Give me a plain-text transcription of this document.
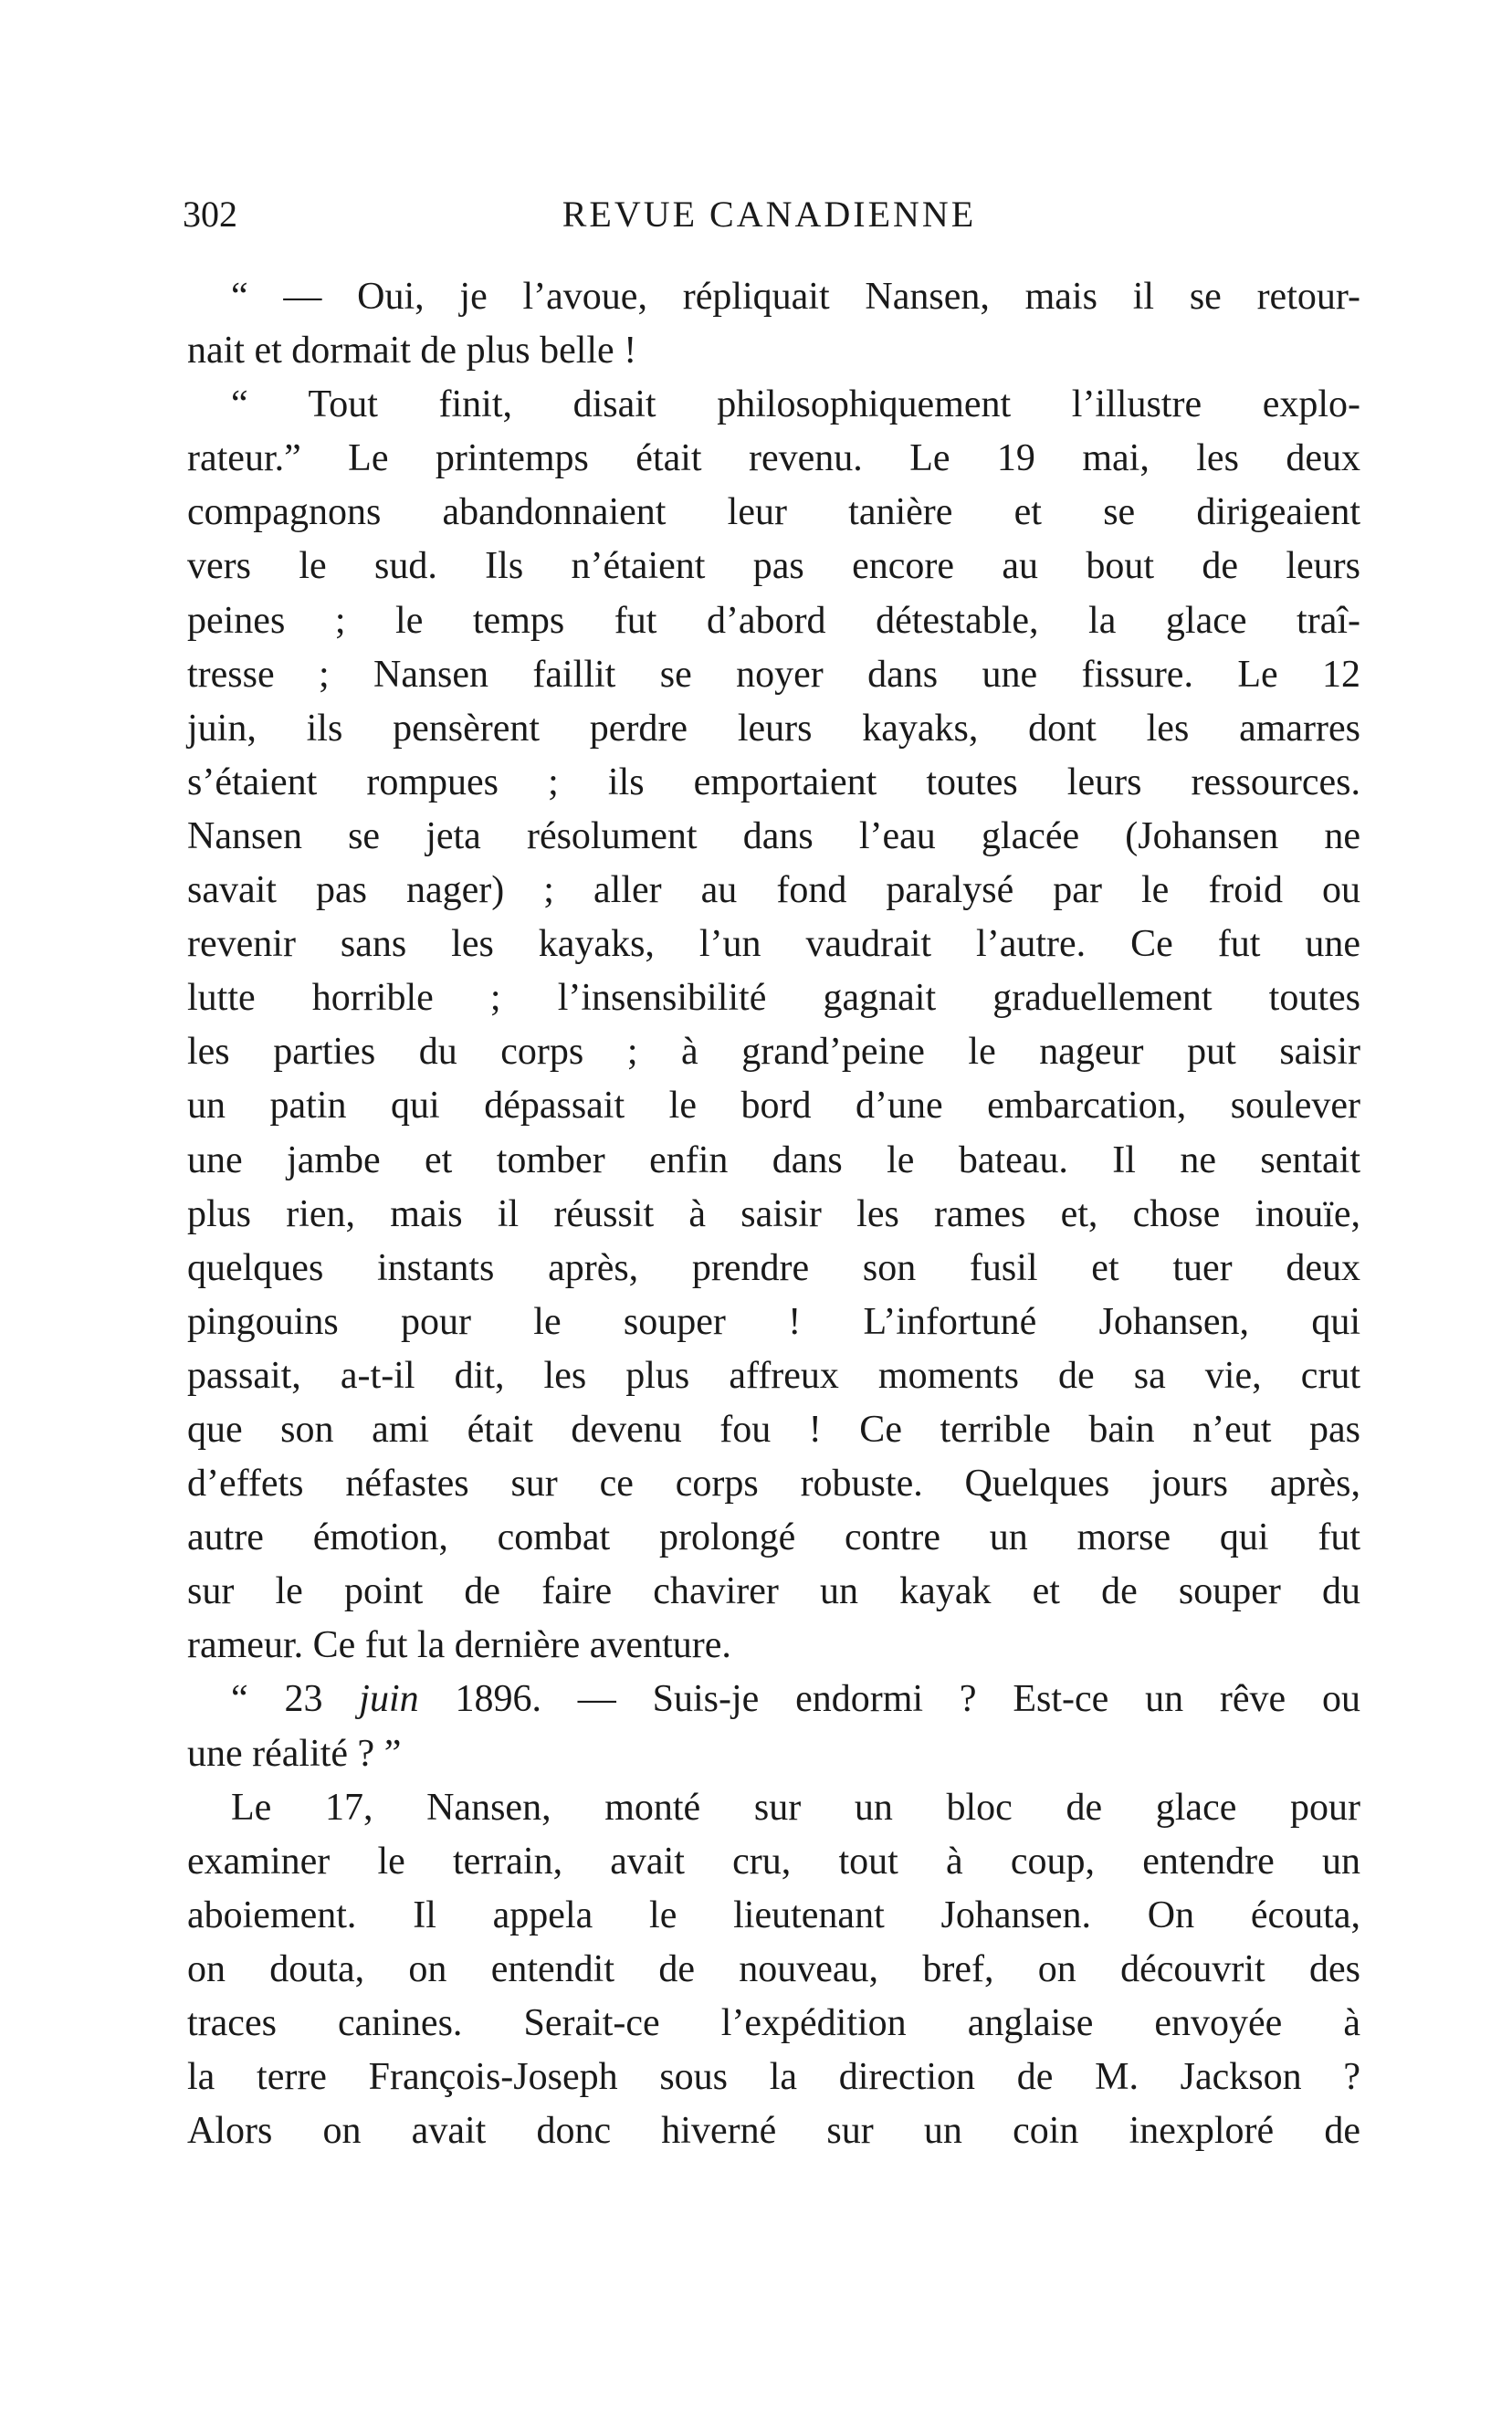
302	REVUE CANADIENNE
“ — Oui, je l’avoue, répliquait Nansen, mais il se retour-
nait et dormait de plus belle !
“ Tout finit, disait philosophiquement l’illustre explo-
rateur.” Le printemps était revenu. Le 19 mai, les deux
compagnons abandonnaient leur tanière et se dirigeaient
vers le sud. Ils n’étaient pas encore au bout de leurs
peines ; le temps fut d’abord détestable, la glace traî-
tresse ; Nansen faillit se noyer dans une fissure. Le 12
juin, ils pensèrent perdre leurs kayaks, dont les amarres
s’étaient rompues ; ils emportaient toutes leurs ressources.
Nansen se jeta résolument dans l’eau glacée (Johansen ne
savait pas nager) ; aller au fond paralysé par le froid ou
revenir sans les kayaks, l’un vaudrait l’autre. Ce fut une
lutte horrible ; l’insensibilité gagnait graduellement toutes
les parties du corps ; à grand’peine le nageur put saisir
un patin qui dépassait le bord d’une embarcation, soulever
une jambe et tomber enfin dans le bateau. Il ne sentait
plus rien, mais il réussit à saisir les rames et, chose inouïe,
quelques instants après, prendre son fusil et tuer deux
pingouins pour le souper ! L’infortuné Johansen, qui
passait, a-t-il dit, les plus affreux moments de sa vie, crut
que son ami était devenu fou ! Ce terrible bain n’eut pas
d’effets néfastes sur ce corps robuste. Quelques jours après,
autre émotion, combat prolongé contre un morse qui fut
sur le point de faire chavirer un kayak et de souper du
rameur. Ce fut la dernière aventure.
“ 23 juin 1896. — Suis-je endormi ? Est-ce un rêve ou
une réalité ? ”
Le 17, Nansen, monté sur un bloc de glace pour
examiner le terrain, avait cru, tout à coup, entendre un
aboiement. Il appela le lieutenant Johansen. On écouta,
on douta, on entendit de nouveau, bref, on découvrit des
traces canines. Serait-ce l’expédition anglaise envoyée à
la terre François-Joseph sous la direction de M. Jackson ?
Alors on avait donc hiverné sur un coin inexploré de
